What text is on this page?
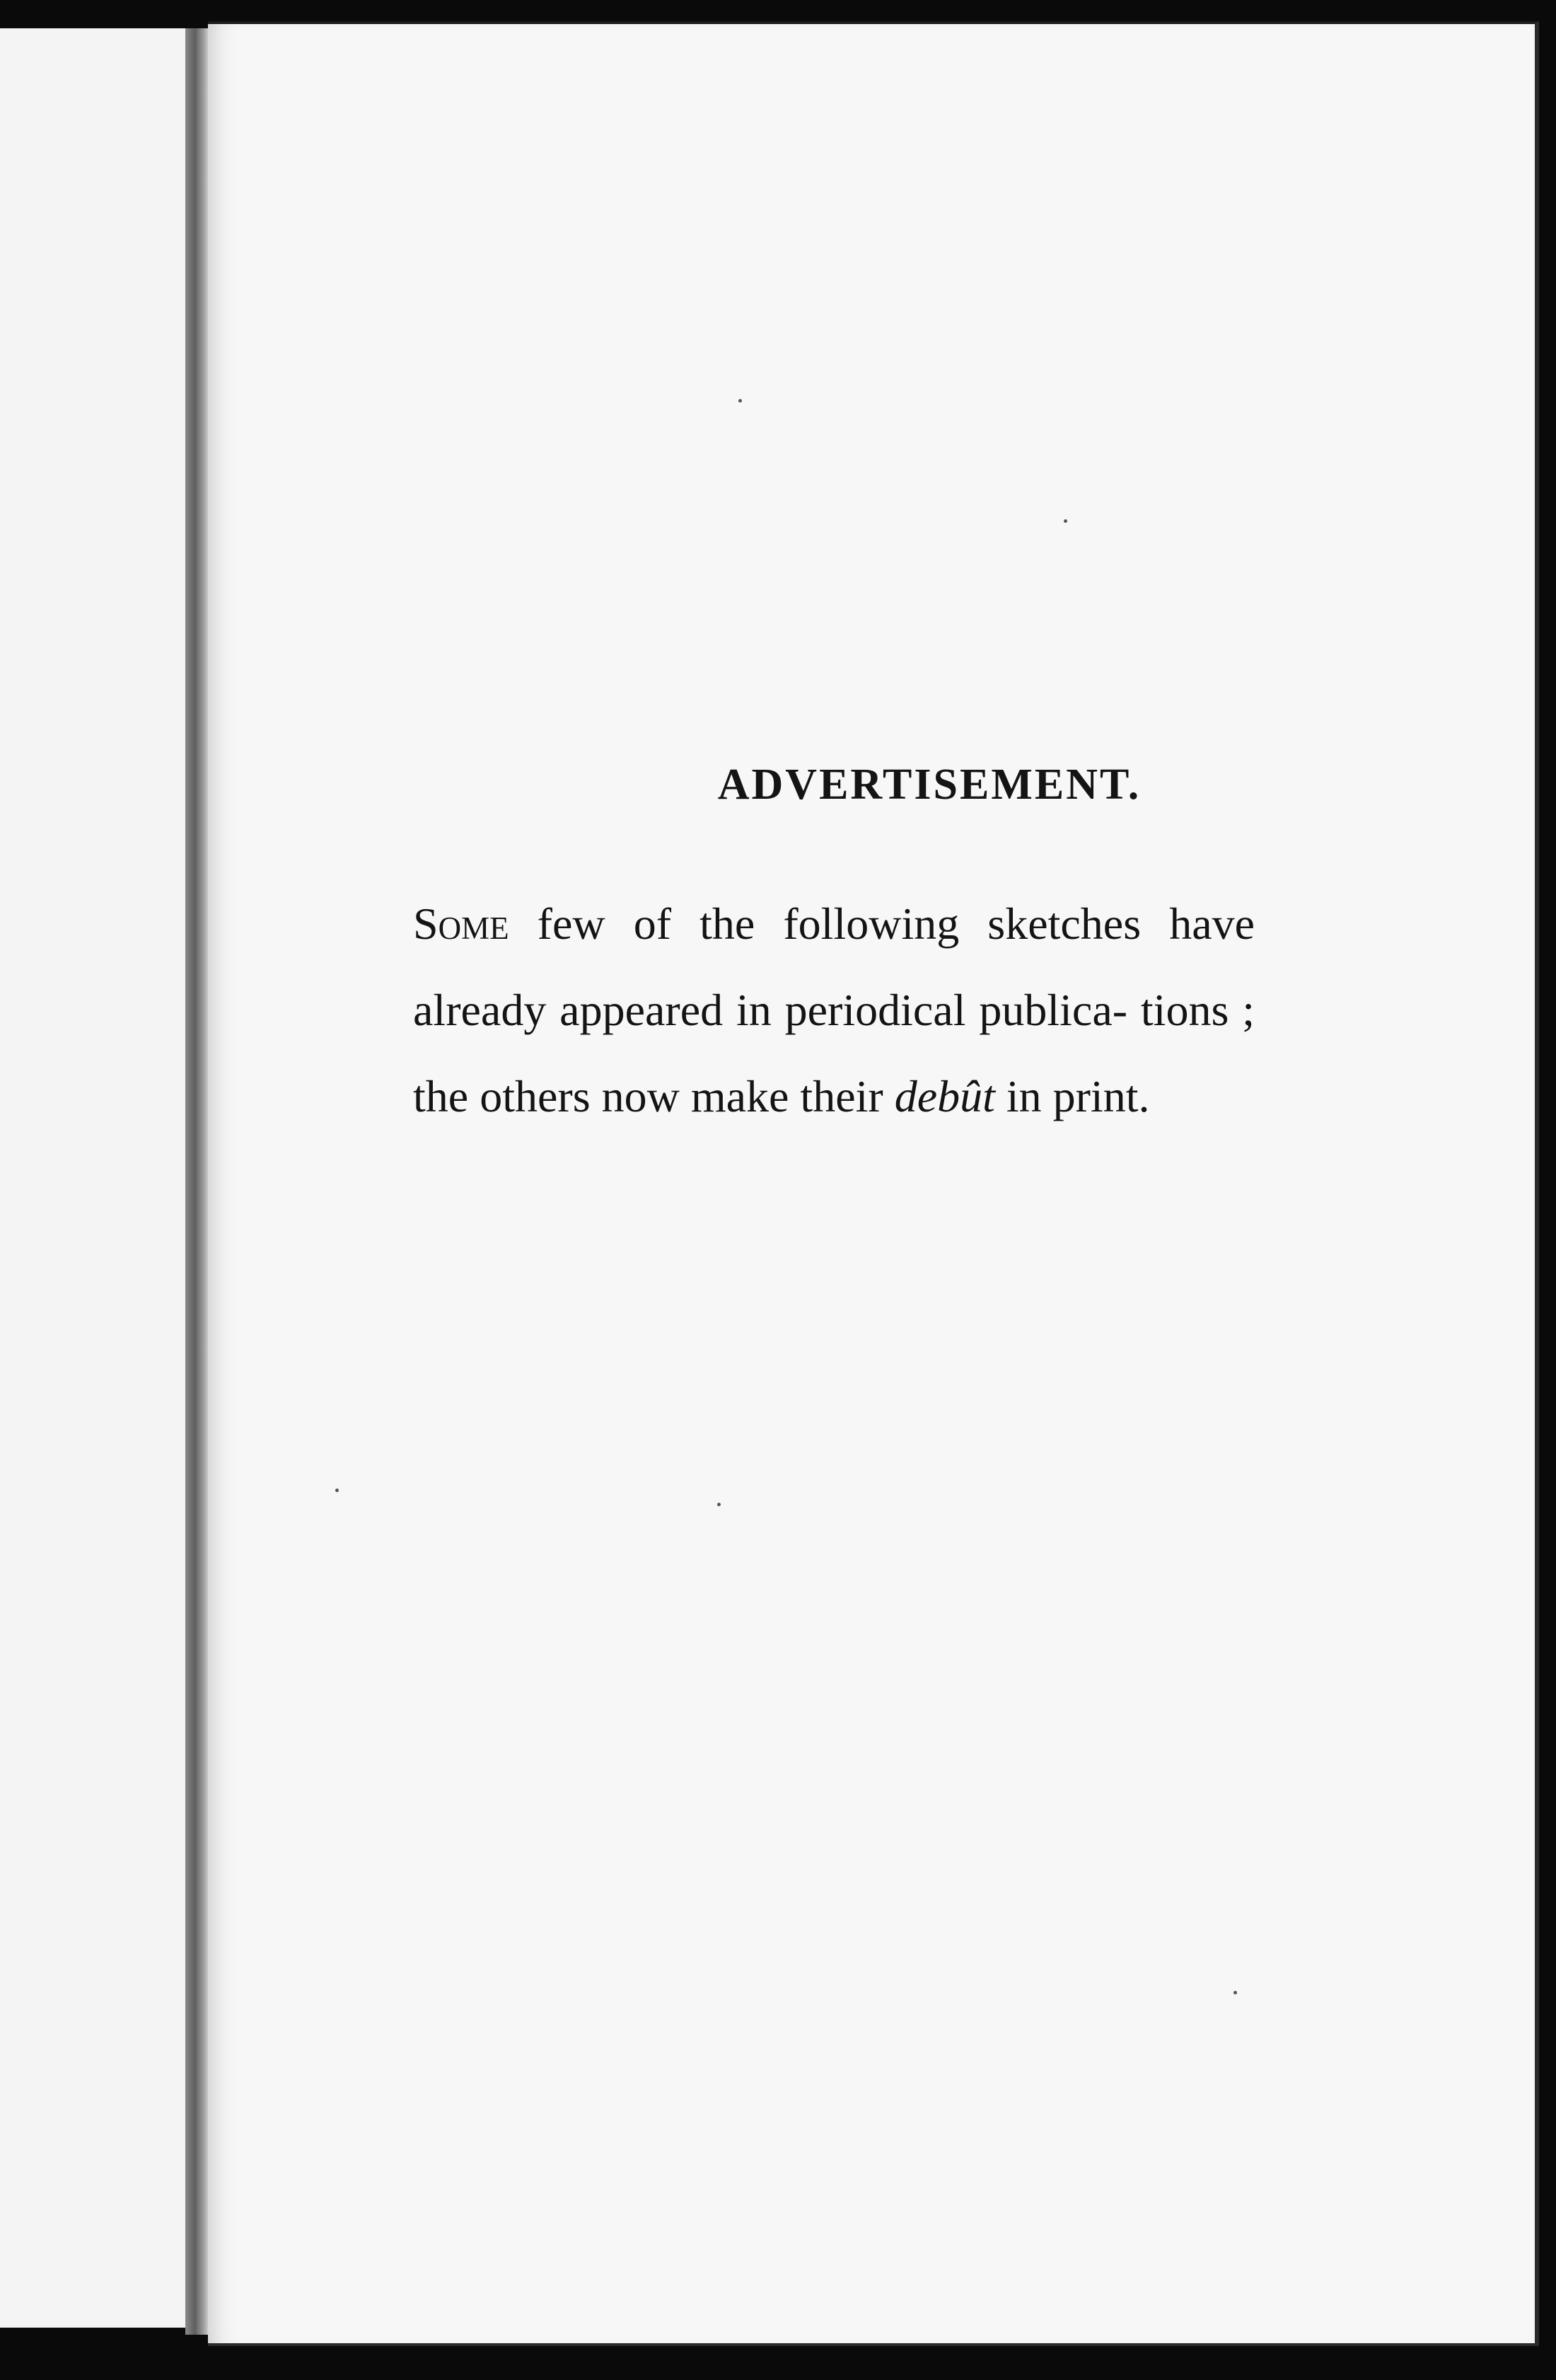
ADVERTISEMENT.

Some few of the following sketches have already appeared in periodical publica- tions ; the others now make their debût in print.
